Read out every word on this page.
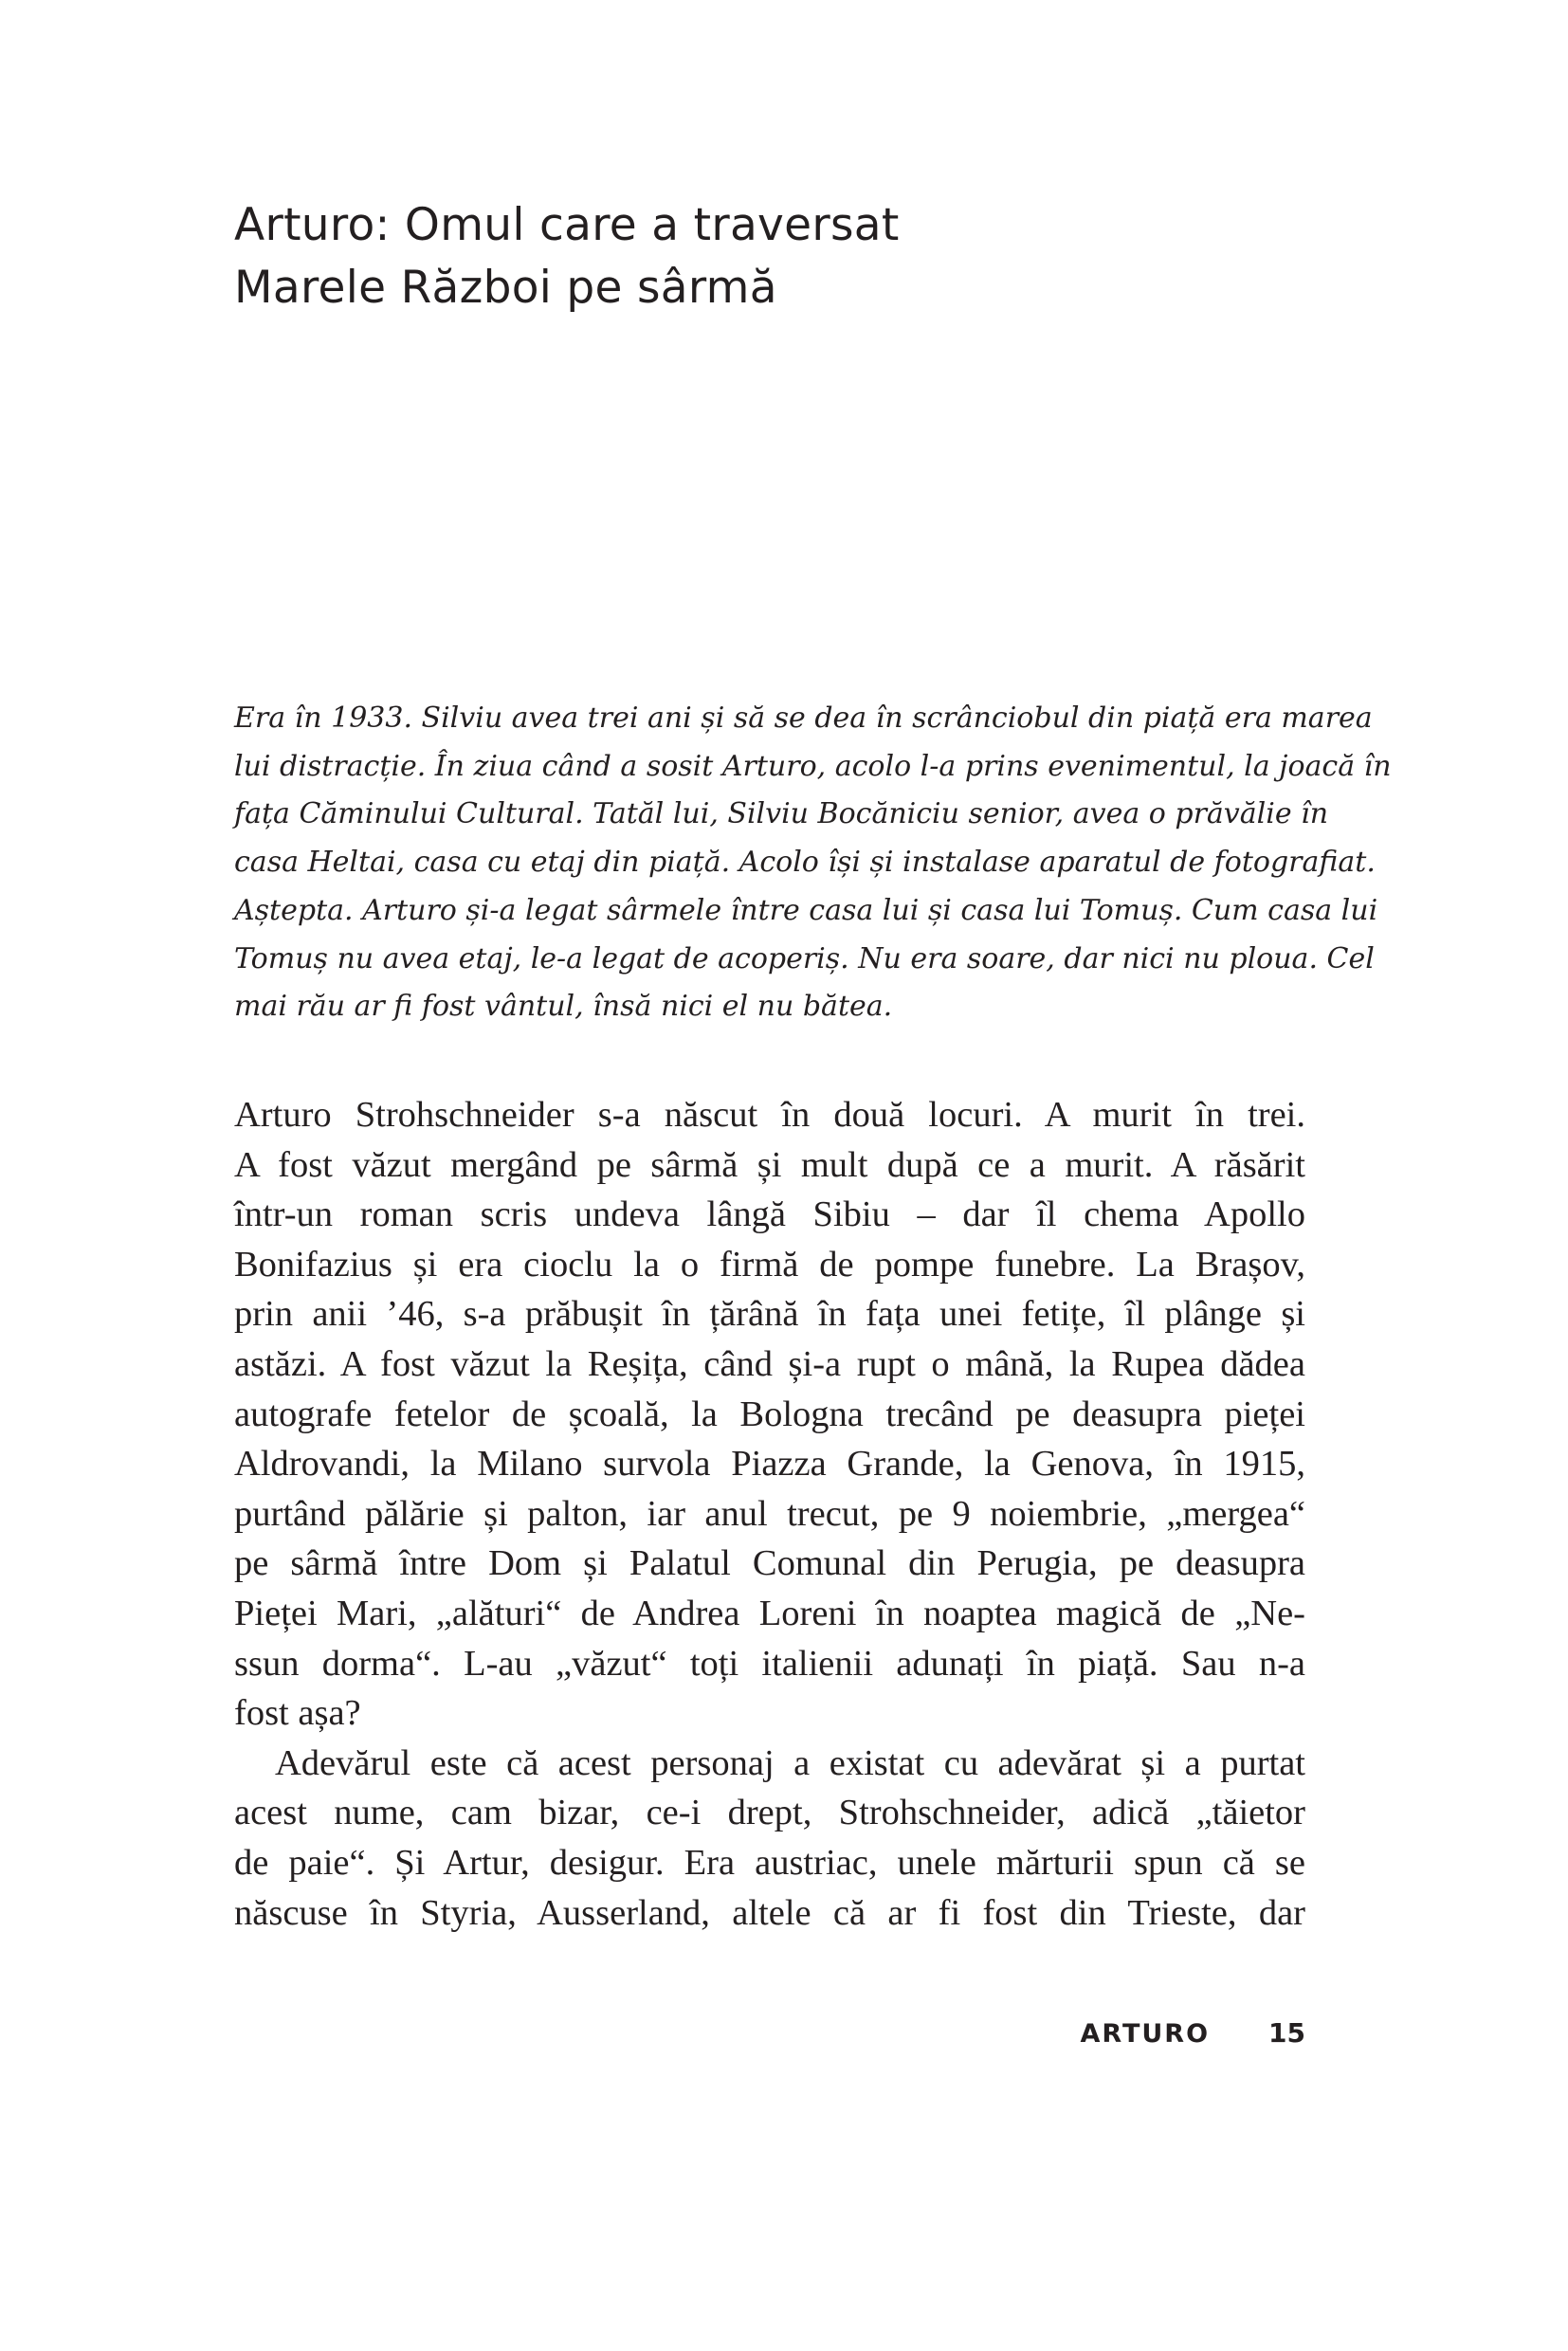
Arturo: Omul care a traversat
Marele Război pe sârmă
Era în 1933. Silviu avea trei ani și să se dea în scrânciobul din piață era marea
lui distracție. În ziua când a sosit Arturo, acolo l-a prins evenimentul, la joacă în
fața Căminului Cultural. Tatăl lui, Silviu Bocăniciu senior, avea o prăvălie în
casa Heltai, casa cu etaj din piață. Acolo își și instalase aparatul de fotografiat.
Aștepta. Arturo și-a legat sârmele între casa lui și casa lui Tomuș. Cum casa lui
Tomuș nu avea etaj, le-a legat de acoperiș. Nu era soare, dar nici nu ploua. Cel
mai rău ar fi fost vântul, însă nici el nu bătea.
Arturo Strohschneider s-a născut în două locuri. A murit în trei.
A fost văzut mergând pe sârmă și mult după ce a murit. A răsărit
într-un roman scris undeva lângă Sibiu – dar îl chema Apollo
Bonifazius și era cioclu la o firmă de pompe funebre. La Brașov,
prin anii ’46, s-a prăbușit în țărână în fața unei fetițe, îl plânge și
astăzi. A fost văzut la Reșița, când și-a rupt o mână, la Rupea dădea
autografe fetelor de școală, la Bologna trecând pe deasupra pieței
Aldrovandi, la Milano survola Piazza Grande, la Genova, în 1915,
purtând pălărie și palton, iar anul trecut, pe 9 noiembrie, „mergea“
pe sârmă între Dom și Palatul Comunal din Perugia, pe deasupra
Pieței Mari, „alături“ de Andrea Loreni în noaptea magică de „Ne-
ssun dorma“. L-au „văzut“ toți italienii adunați în piață. Sau n-a
fost așa?
Adevărul este că acest personaj a existat cu adevărat și a purtat
acest nume, cam bizar, ce-i drept, Strohschneider, adică „tăietor
de paie“. Și Artur, desigur. Era austriac, unele mărturii spun că se
născuse în Styria, Ausserland, altele că ar fi fost din Trieste, dar
ARTURO 15
